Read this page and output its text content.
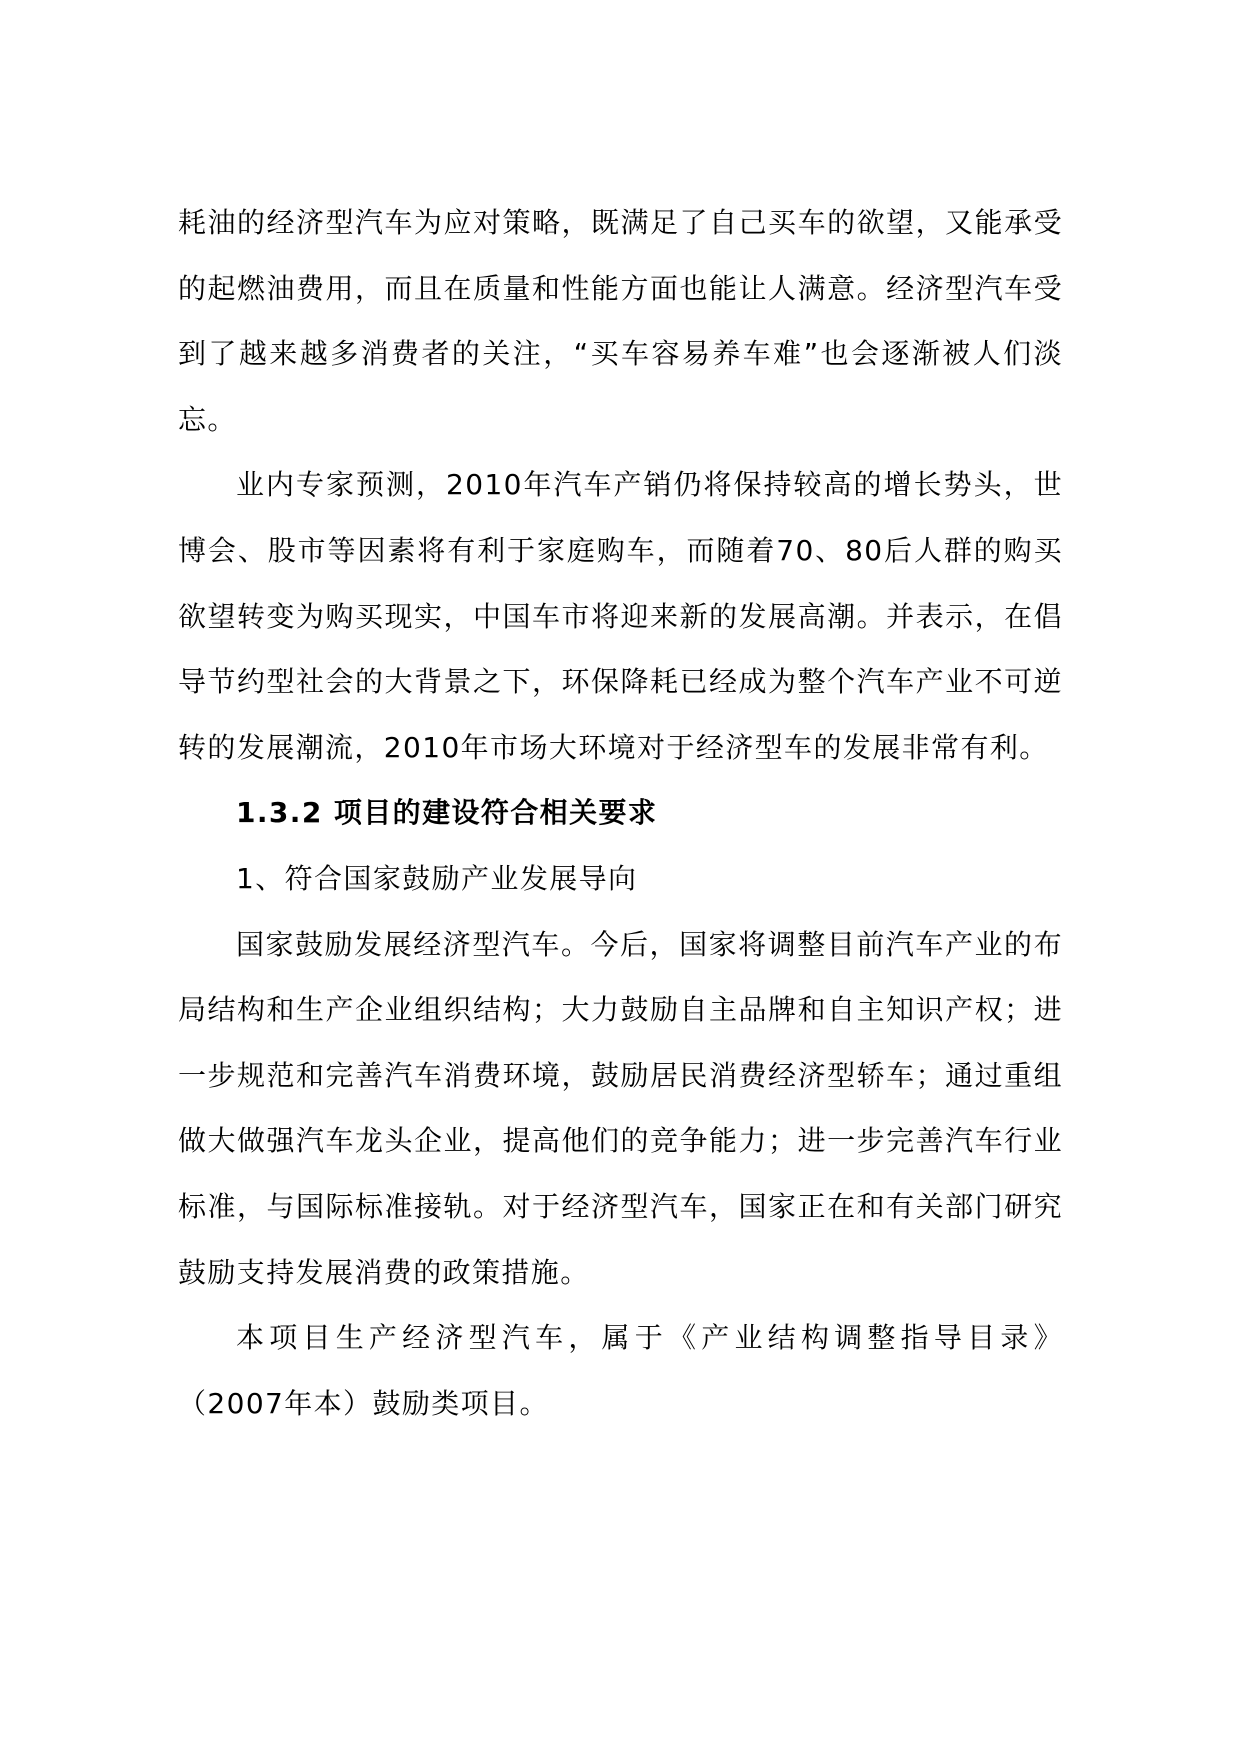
耗油的经济型汽车为应对策略，既满足了自己买车的欲望，又能承受的起燃油费用，而且在质量和性能方面也能让人满意。经济型汽车受到了越来越多消费者的关注，“买车容易养车难”也会逐渐被人们淡忘。

业内专家预测，2010年汽车产销仍将保持较高的增长势头，世博会、股市等因素将有利于家庭购车，而随着70、80后人群的购买欲望转变为购买现实，中国车市将迎来新的发展高潮。并表示，在倡导节约型社会的大背景之下，环保降耗已经成为整个汽车产业不可逆转的发展潮流，2010年市场大环境对于经济型车的发展非常有利。

1.3.2 项目的建设符合相关要求

1、符合国家鼓励产业发展导向

国家鼓励发展经济型汽车。今后，国家将调整目前汽车产业的布局结构和生产企业组织结构；大力鼓励自主品牌和自主知识产权；进一步规范和完善汽车消费环境，鼓励居民消费经济型轿车；通过重组做大做强汽车龙头企业，提高他们的竞争能力；进一步完善汽车行业标准，与国际标准接轨。对于经济型汽车，国家正在和有关部门研究鼓励支持发展消费的政策措施。

本项目生产经济型汽车，属于《产业结构调整指导目录》（2007年本）鼓励类项目。
